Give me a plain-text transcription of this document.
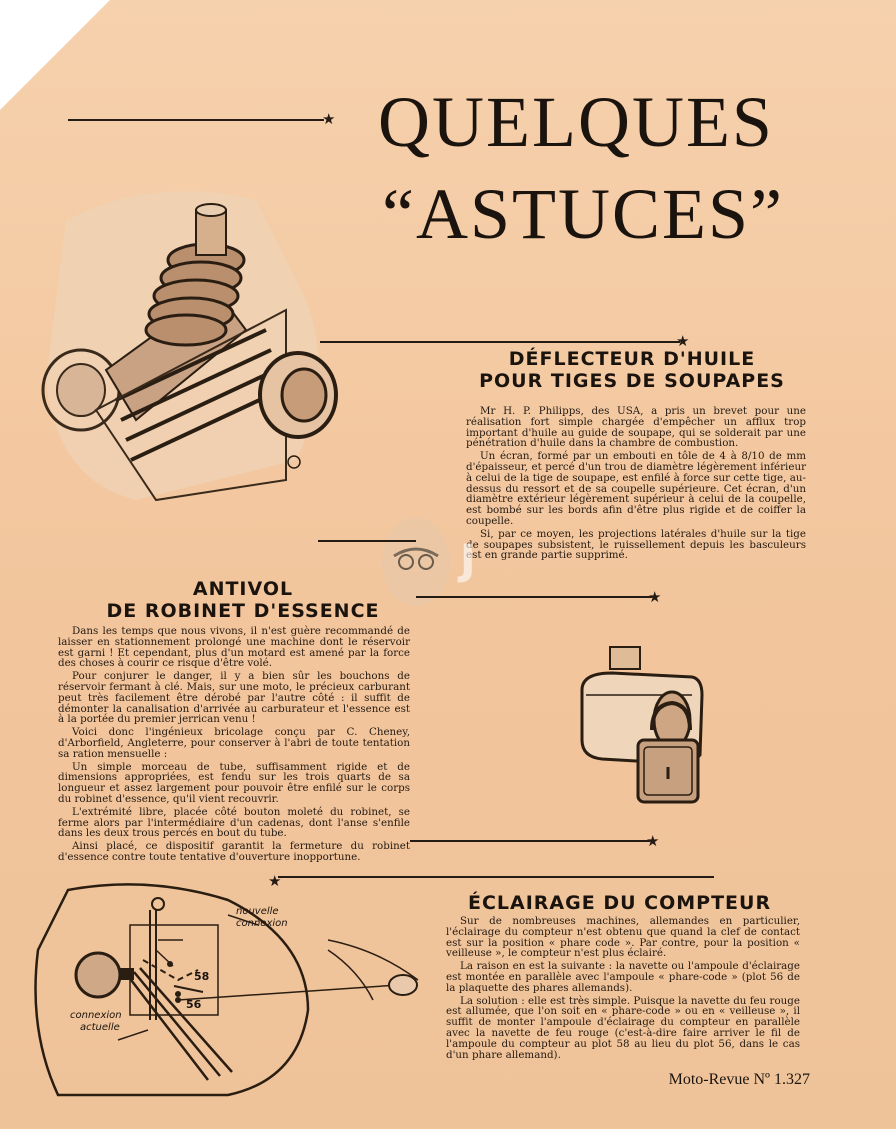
★ QUELQUES
“ASTUCES”
★
DÉFLECTEUR D'HUILE
POUR TIGES DE SOUPAPES

Mr H. P. Philipps, des USA, a pris un brevet pour une réalisation fort simple chargée d'empêcher un afflux trop important d'huile au guide de soupape, qui se solderait par une pénétration d'huile dans la chambre de combustion.

Un écran, formé par un embouti en tôle de 4 à 8/10 de mm d'épaisseur, et percé d'un trou de diamètre légèrement inférieur à celui de la tige de soupape, est enfilé à force sur cette tige, au-dessus du ressort et de sa coupelle supérieure. Cet écran, d'un diamètre extérieur légèrement supérieur à celui de la coupelle, est bombé sur les bords afin d'être plus rigide et de coiffer la coupelle.

Si, par ce moyen, les projections latérales d'huile sur la tige de soupapes subsistent, le ruissellement depuis les basculeurs est en grande partie supprimé.

J
★
ANTIVOL
DE ROBINET D'ESSENCE

Dans les temps que nous vivons, il n'est guère recommandé de laisser en stationnement prolongé une machine dont le réservoir est garni ! Et cependant, plus d'un motard est amené par la force des choses à courir ce risque d'être volé.

Pour conjurer le danger, il y a bien sûr les bouchons de réservoir fermant à clé. Mais, sur une moto, le précieux carburant peut très facilement être dérobé par l'autre côté : il suffit de démonter la canalisation d'arrivée au carburateur et l'essence est à la portée du premier jerrican venu !

Voici donc l'ingénieux bricolage conçu par C. Cheney, d'Arborfield, Angleterre, pour conserver à l'abri de toute tentation sa ration mensuelle :

Un simple morceau de tube, suffisamment rigide et de dimensions appropriées, est fendu sur les trois quarts de sa longueur et assez largement pour pouvoir être enfilé sur le corps du robinet d'essence, qu'il vient recouvrir.

L'extrémité libre, placée côté bouton moleté du robinet, se ferme alors par l'intermédiaire d'un cadenas, dont l'anse s'enfile dans les deux trous percés en bout du tube.

Ainsi placé, ce dispositif garantit la fermeture du robinet d'essence contre toute tentative d'ouverture inopportune.

★
★
ÉCLAIRAGE DU COMPTEUR

Sur de nombreuses machines, allemandes en particulier, l'éclairage du compteur n'est obtenu que quand la clef de contact est sur la position « phare code ». Par contre, pour la position « veilleuse », le compteur n'est plus éclairé.

La raison en est la suivante : la navette ou l'ampoule d'éclairage est montée en parallèle avec l'ampoule « phare-code » (plot 56 de la plaquette des phares allemands).

La solution : elle est très simple. Puisque la navette du feu rouge est allumée, que l'on soit en « phare-code » ou en « veilleuse », il suffit de monter l'ampoule d'éclairage du compteur en parallèle avec la navette de feu rouge (c'est-à-dire faire arriver le fil de l'ampoule du compteur au plot 58 au lieu du plot 56, dans le cas d'un phare allemand).

nouvelle
connexion
connexion
actuelle
58
56
Moto-Revue Nº 1.327
